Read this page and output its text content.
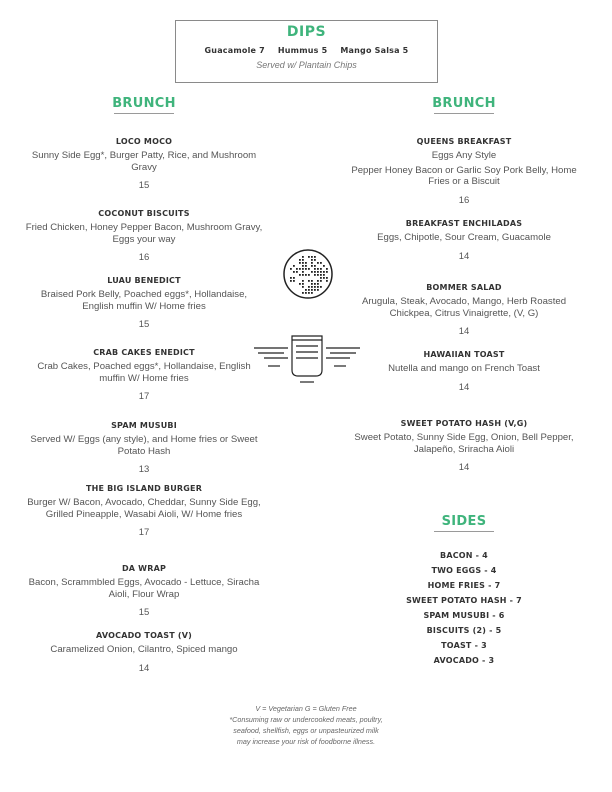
DIPS
Guacamole 7 Hummus 5 Mango Salsa 5
Served w/ Plantain Chips
BRUNCH
LOCO MOCO
Sunny Side Egg*, Burger Patty, Rice, and Mushroom Gravy
15
COCONUT BISCUITS
Fried Chicken, Honey Pepper Bacon, Mushroom Gravy, Eggs your way
16
LUAU BENEDICT
Braised Pork Belly, Poached eggs*, Hollandaise, English muffin W/ Home fries
15
CRAB CAKES ENEDICT
Crab Cakes, Poached eggs*, Hollandaise, English muffin W/ Home fries
17
SPAM MUSUBI
Served W/ Eggs (any style), and Home fries or Sweet Potato Hash
13
THE BIG ISLAND BURGER
Burger W/ Bacon, Avocado, Cheddar, Sunny Side Egg, Grilled Pineapple, Wasabi Aioli, W/ Home fries
17
DA WRAP
Bacon, Scrammbled Eggs, Avocado - Lettuce, Siracha Aioli, Flour Wrap
15
AVOCADO TOAST (V)
Caramelized Onion, Cilantro, Spiced mango
14
BRUNCH
QUEENS BREAKFAST
Eggs Any Style
Pepper Honey Bacon or Garlic Soy Pork Belly, Home Fries or a Biscuit
16
BREAKFAST ENCHILADAS
Eggs, Chipotle, Sour Cream, Guacamole
14
BOMMER SALAD
Arugula, Steak, Avocado, Mango, Herb Roasted Chickpea, Citrus Vinaigrette, (V, G)
14
HAWAIIAN TOAST
Nutella and mango on French Toast
14
SWEET POTATO HASH (V,G)
Sweet Potato, Sunny Side Egg, Onion, Bell Pepper, Jalapeño, Sriracha Aioli
14
SIDES
BACON - 4
TWO EGGS - 4
HOME FRIES - 7
SWEET POTATO HASH - 7
SPAM MUSUBI - 6
BISCUITS (2) - 5
TOAST - 3
AVOCADO - 3
V = Vegetarian G = Gluten Free
*Consuming raw or undercooked meats, poultry,
seafood, shellfish, eggs or unpasteurized milk
may increase your risk of foodborne illness.
